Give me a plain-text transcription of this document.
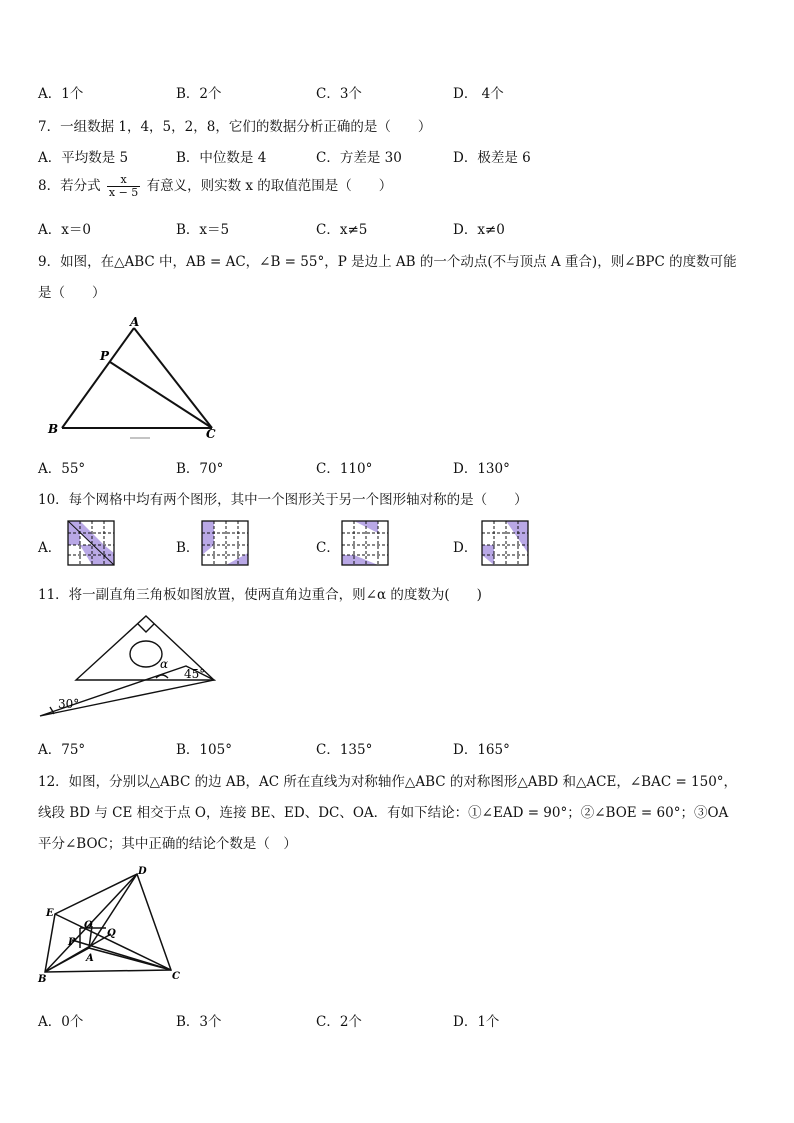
A．1个	B．2个	C．3个	D． 4个
7．一组数据 1，4，5，2，8，它们的数据分析正确的是（　　）
A．平均数是 5	B．中位数是 4	C．方差是 30	D．极差是 6
8．若分式 $\frac{x}{x - 5}$ 有意义，则实数 x 的取值范围是（　　）
A．x＝0	B．x＝5	C．x≠5	D．x≠0
9．如图，在△ABC 中，AB = AC，∠B = 55°，P 是边上 AB 的一个动点(不与顶点 A 重合)，则∠BPC 的度数可能
是（　　）
A
P
B	C
A．55°	B．70°	C．110°	D．130°
10．每个网格中均有两个图形，其中一个图形关于另一个图形轴对称的是（　　）
A．	B．	C．	D．
11．将一副直角三角板如图放置，使两直角边重合，则∠α 的度数为(　　)
α
45°
30°
A．75°	B．105°	C．135°	D．165°
12．如图，分别以△ABC 的边 AB，AC 所在直线为对称轴作△ABC 的对称图形△ABD 和△ACE，∠BAC = 150°，
线段 BD 与 CE 相交于点 O，连接 BE、ED、DC、OA．有如下结论：①∠EAD = 90°；②∠BOE = 60°；③OA
平分∠BOC；其中正确的结论个数是（　）
D
E
O
Q
P
A
B	C
A．0个	B．3个	C．2个	D．1个
